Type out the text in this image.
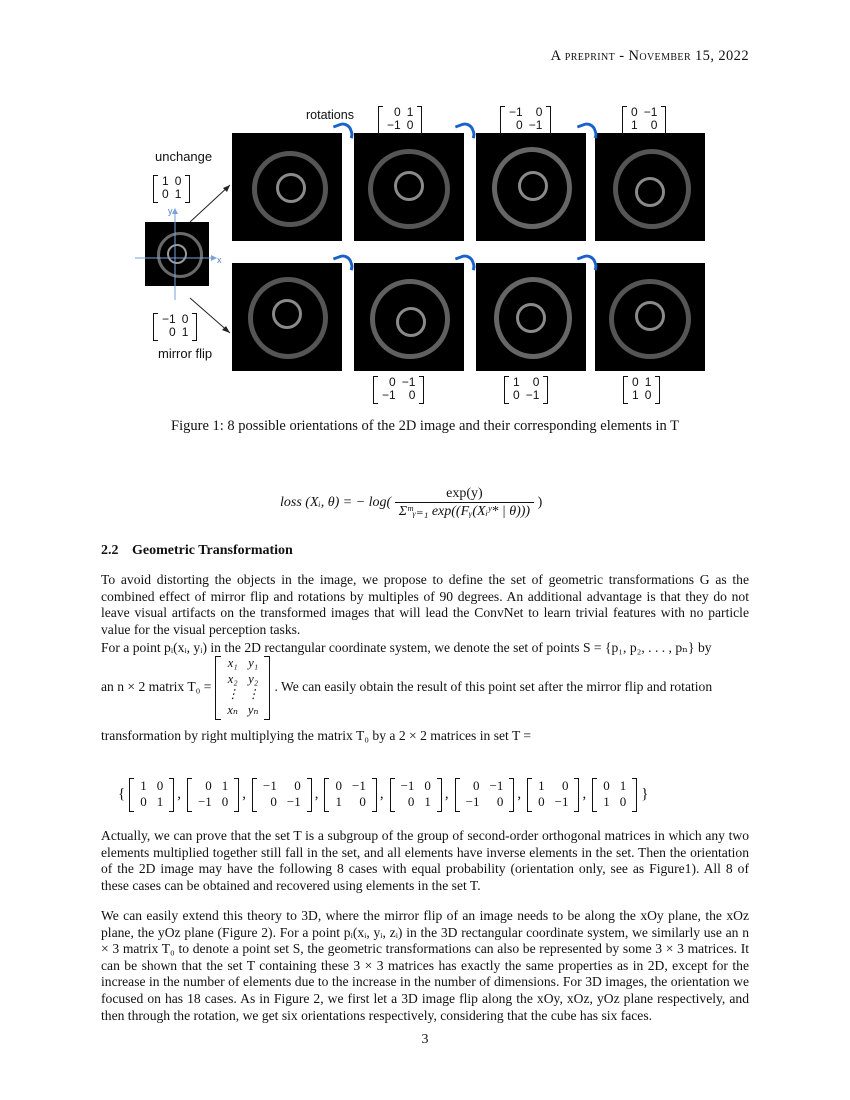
A preprint - November 15, 2022
rotations
unchange
mirror flip
1	0
0	1
−1	0
0	1
0	1
−1	0
−1	0
0	−1
0	−1
1	0
0	−1
−1	0
1	0
0	−1
0	1
1	0
y
x
Figure 1: 8 possible orientations of the 2D image and their corresponding elements in T
loss (Xᵢ, θ) = − log(
exp(y)
Σᵐᵧ₌₁ exp((Fᵧ(Xᵢʸ* | θ)))
)
2.2 Geometric Transformation
To avoid distorting the objects in the image, we propose to define the set of geometric transformations G as the combined effect of mirror flip and rotations by multiples of 90 degrees. An additional advantage is that they do not leave visual artifacts on the transformed images that will lead the ConvNet to learn trivial features with no particle value for the visual perception tasks.
For a point pᵢ(xᵢ, yᵢ) in the 2D rectangular coordinate system, we denote the set of points S = {p₁, p₂, . . . , pₙ} by
an n × 2 matrix T₀ =
x₁	y₁
x₂	y₂
⋮	⋮
xₙ	yₙ
. We can easily obtain the result of this point set after the mirror flip and rotation
transformation by right multiplying the matrix T₀ by a 2 × 2 matrices in set T =
{ 1	0
0	1 , 0	1
−1	0 , −1	0
0	−1 , 0	−1
1	0 , −1	0
0	1 , 0	−1
−1	0 , 1	0
0	−1 , 0	1
1	0 }
Actually, we can prove that the set T is a subgroup of the group of second-order orthogonal matrices in which any two elements multiplied together still fall in the set, and all elements have inverse elements in the set. Then the orientation of the 2D image may have the following 8 cases with equal probability (orientation only, see as Figure1). All 8 of these cases can be obtained and recovered using elements in the set T.
We can easily extend this theory to 3D, where the mirror flip of an image needs to be along the xOy plane, the xOz plane, the yOz plane (Figure 2). For a point pᵢ(xᵢ, yᵢ, zᵢ) in the 3D rectangular coordinate system, we similarly use an n × 3 matrix T₀ to denote a point set S, the geometric transformations can also be represented by some 3 × 3 matrices. It can be shown that the set T containing these 3 × 3 matrices has exactly the same properties as in 2D, except for the increase in the number of elements due to the increase in the number of dimensions. For 3D images, the orientation we focused on has 18 cases. As in Figure 2, we first let a 3D image flip along the xOy, xOz, yOz plane respectively, and then through the rotation, we get six orientations respectively, considering that the cube has six faces.
3
